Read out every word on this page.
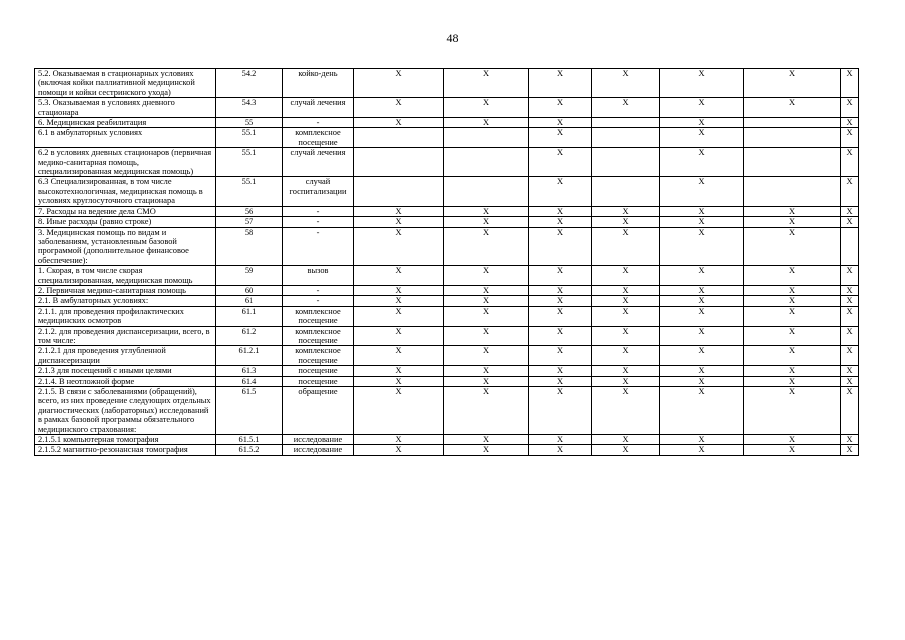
48
5.2. Оказываемая в стационарных условиях (включая койки паллиативной медицинской помощи и койки сестринского ухода)	54.2	койко-день	X	X	X	X	X	X	X
5.3. Оказываемая в условиях дневного стационара	54.3	случай лечения	X	X	X	X	X	X	X
6. Медицинская реабилитация	55	-	X	X	X		X		X
6.1 в амбулаторных условиях	55.1	комплексное посещение			X		X		X
6.2 в условиях дневных стационаров (первичная медико-санитарная помощь, специализированная медицинская помощь)	55.1	случай лечения			X		X		X
6.3 Специализированная, в том числе высокотехнологичная, медицинская помощь в условиях круглосуточного стационара	55.1	случай госпитализации			X		X		X
7. Расходы на ведение дела СМО	56	-	X	X	X	X	X	X	X
8. Иные расходы (равно строке)	57	-	X	X	X	X	X	X	X
3. Медицинская помощь по видам и заболеваниям, установленным базовой программой (дополнительное финансовое обеспечение):	58	-	X	X	X	X	X	X	
1. Скорая, в том числе скорая специализированная, медицинская помощь	59	вызов	X	X	X	X	X	X	X
2. Первичная медико-санитарная помощь	60	-	X	X	X	X	X	X	X
2.1. В амбулаторных условиях:	61	-	X	X	X	X	X	X	X
2.1.1. для проведения профилактических медицинских осмотров	61.1	комплексное посещение	X	X	X	X	X	X	X
2.1.2. для проведения диспансеризации, всего, в том числе:	61.2	комплексное посещение	X	X	X	X	X	X	X
2.1.2.1 для проведения углубленной диспансеризации	61.2.1	комплексное посещение	X	X	X	X	X	X	X
2.1.3 для посещений с иными целями	61.3	посещение	X	X	X	X	X	X	X
2.1.4. В неотложной форме	61.4	посещение	X	X	X	X	X	X	X
2.1.5. В связи с заболеваниями (обращений), всего, из них проведение следующих отдельных диагностических (лабораторных) исследований в рамках базовой программы обязательного медицинского страхования:	61.5	обращение	X	X	X	X	X	X	X
2.1.5.1 компьютерная томография	61.5.1	исследование	X	X	X	X	X	X	X
2.1.5.2 магнитно-резонансная томография	61.5.2	исследование	X	X	X	X	X	X	X
